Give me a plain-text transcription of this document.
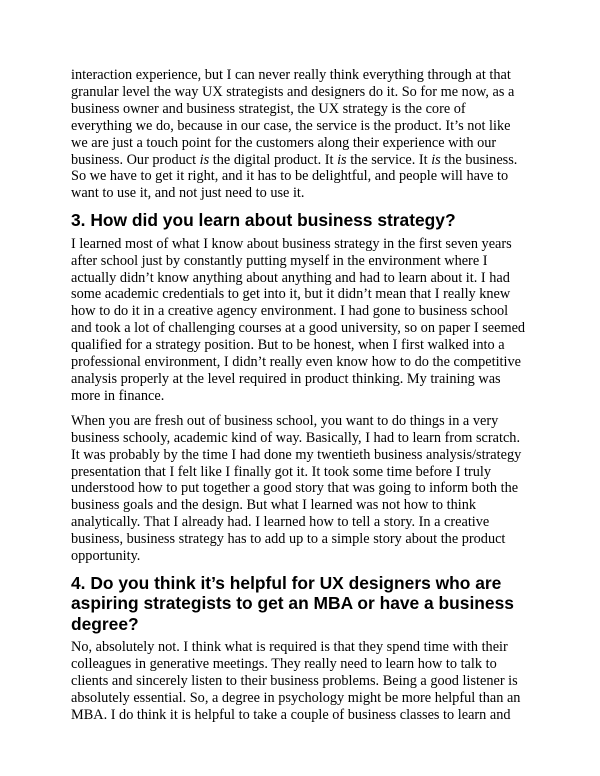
interaction experience, but I can never really think everything through at that granular level the way UX strategists and designers do it. So for me now, as a business owner and business strategist, the UX strategy is the core of everything we do, because in our case, the service is the product. It’s not like we are just a touch point for the customers along their experience with our business. Our product is the digital product. It is the service. It is the business. So we have to get it right, and it has to be delightful, and people will have to want to use it, and not just need to use it.

3. How did you learn about business strategy?

I learned most of what I know about business strategy in the first seven years after school just by constantly putting myself in the environment where I actually didn’t know anything about anything and had to learn about it. I had some academic credentials to get into it, but it didn’t mean that I really knew how to do it in a creative agency environment. I had gone to business school and took a lot of challenging courses at a good university, so on paper I seemed qualified for a strategy position. But to be honest, when I first walked into a professional environment, I didn’t really even know how to do the competitive analysis properly at the level required in product thinking. My training was more in finance.

When you are fresh out of business school, you want to do things in a very business schooly, academic kind of way. Basically, I had to learn from scratch. It was probably by the time I had done my twentieth business analysis/strategy presentation that I felt like I finally got it. It took some time before I truly understood how to put together a good story that was going to inform both the business goals and the design. But what I learned was not how to think analytically. That I already had. I learned how to tell a story. In a creative business, business strategy has to add up to a simple story about the product opportunity.

4. Do you think it’s helpful for UX designers who are aspiring strategists to get an MBA or have a business degree?

No, absolutely not. I think what is required is that they spend time with their colleagues in generative meetings. They really need to learn how to talk to clients and sincerely listen to their business problems. Being a good listener is absolutely essential. So, a degree in psychology might be more helpful than an MBA. I do think it is helpful to take a couple of business classes to learn and
